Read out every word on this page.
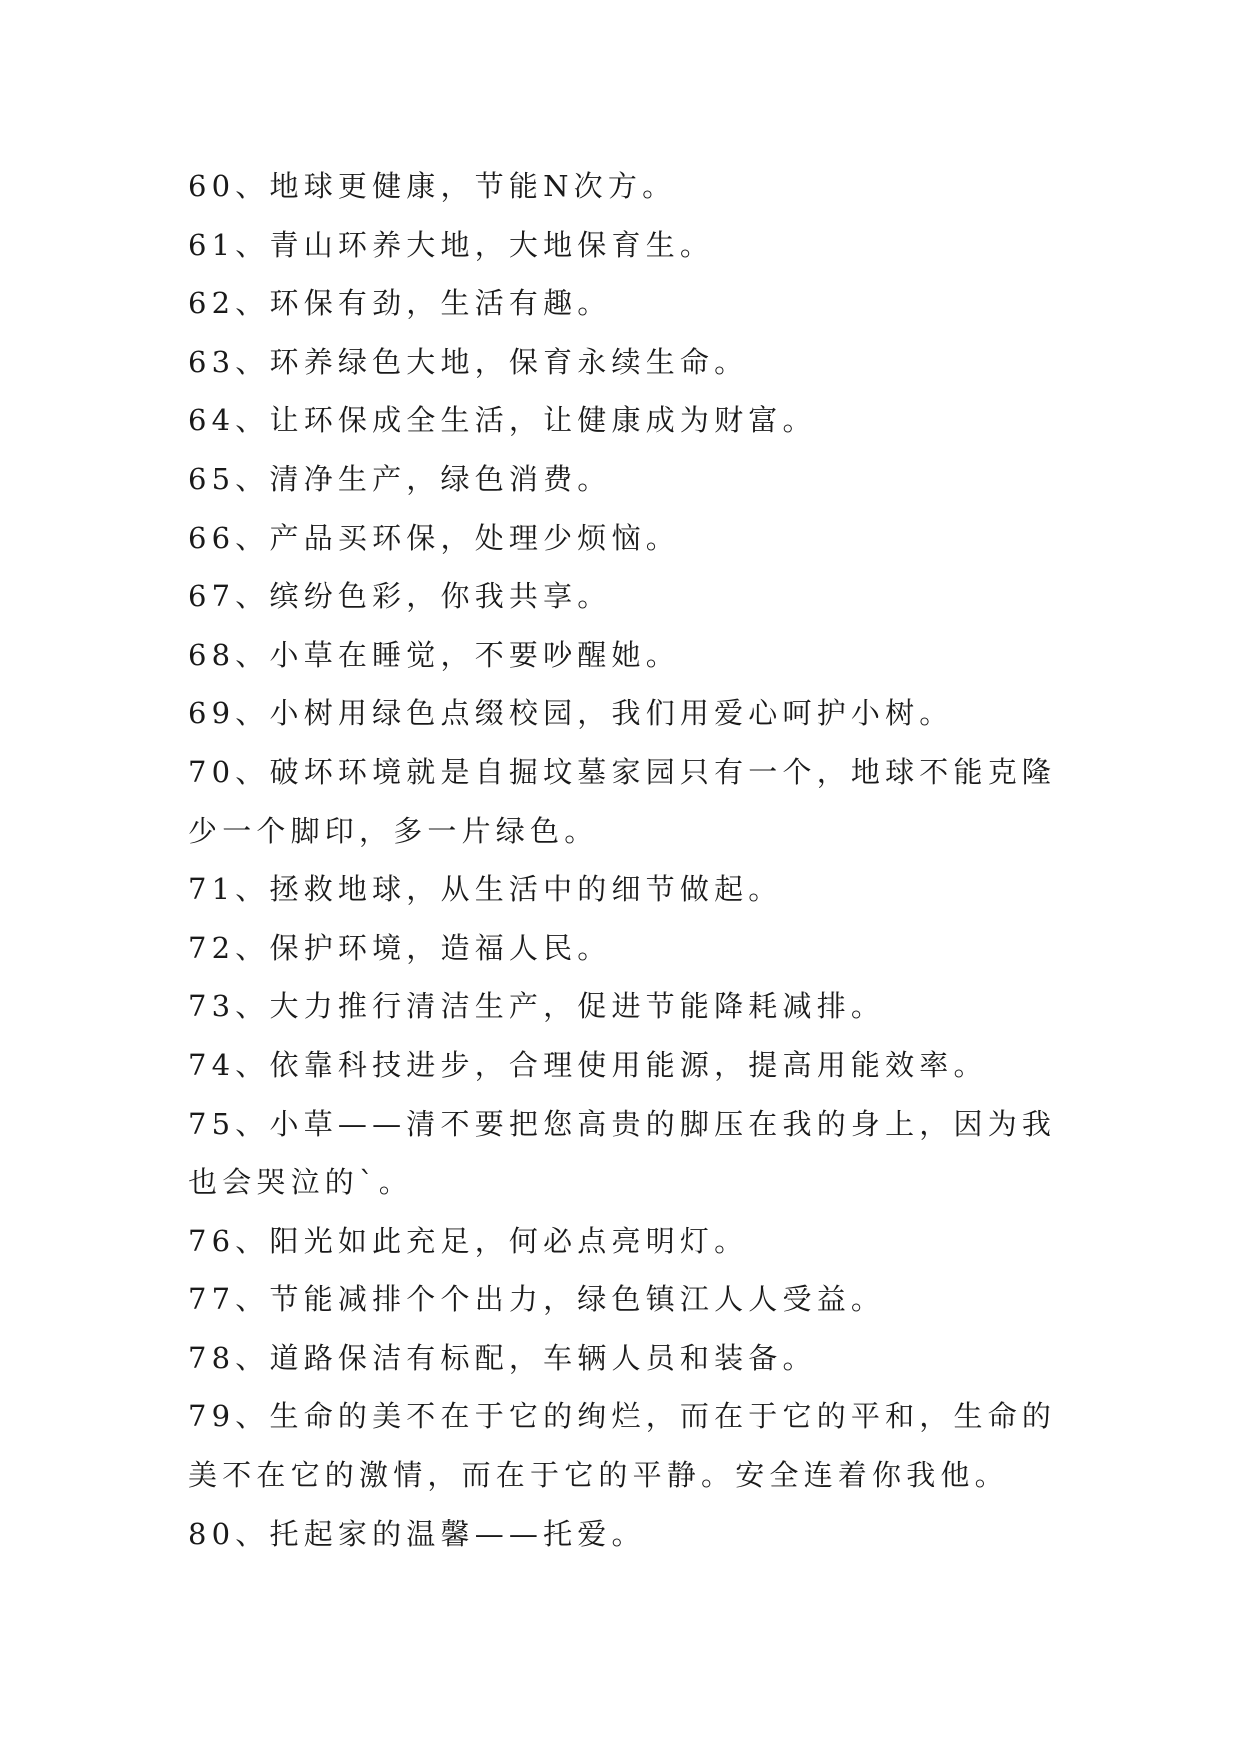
60、地球更健康，节能N次方。

61、青山环养大地，大地保育生。

62、环保有劲，生活有趣。

63、环养绿色大地，保育永续生命。

64、让环保成全生活，让健康成为财富。

65、清净生产，绿色消费。

66、产品买环保，处理少烦恼。

67、缤纷色彩，你我共享。

68、小草在睡觉，不要吵醒她。

69、小树用绿色点缀校园，我们用爱心呵护小树。

70、破坏环境就是自掘坟墓家园只有一个，地球不能克隆少一个脚印，多一片绿色。

71、拯救地球，从生活中的细节做起。

72、保护环境，造福人民。

73、大力推行清洁生产，促进节能降耗减排。

74、依靠科技进步，合理使用能源，提高用能效率。

75、小草——清不要把您高贵的脚压在我的身上，因为我也会哭泣的`。

76、阳光如此充足，何必点亮明灯。

77、节能减排个个出力，绿色镇江人人受益。

78、道路保洁有标配，车辆人员和装备。

79、生命的美不在于它的绚烂，而在于它的平和，生命的美不在它的激情，而在于它的平静。安全连着你我他。

80、托起家的温馨——托爱。
